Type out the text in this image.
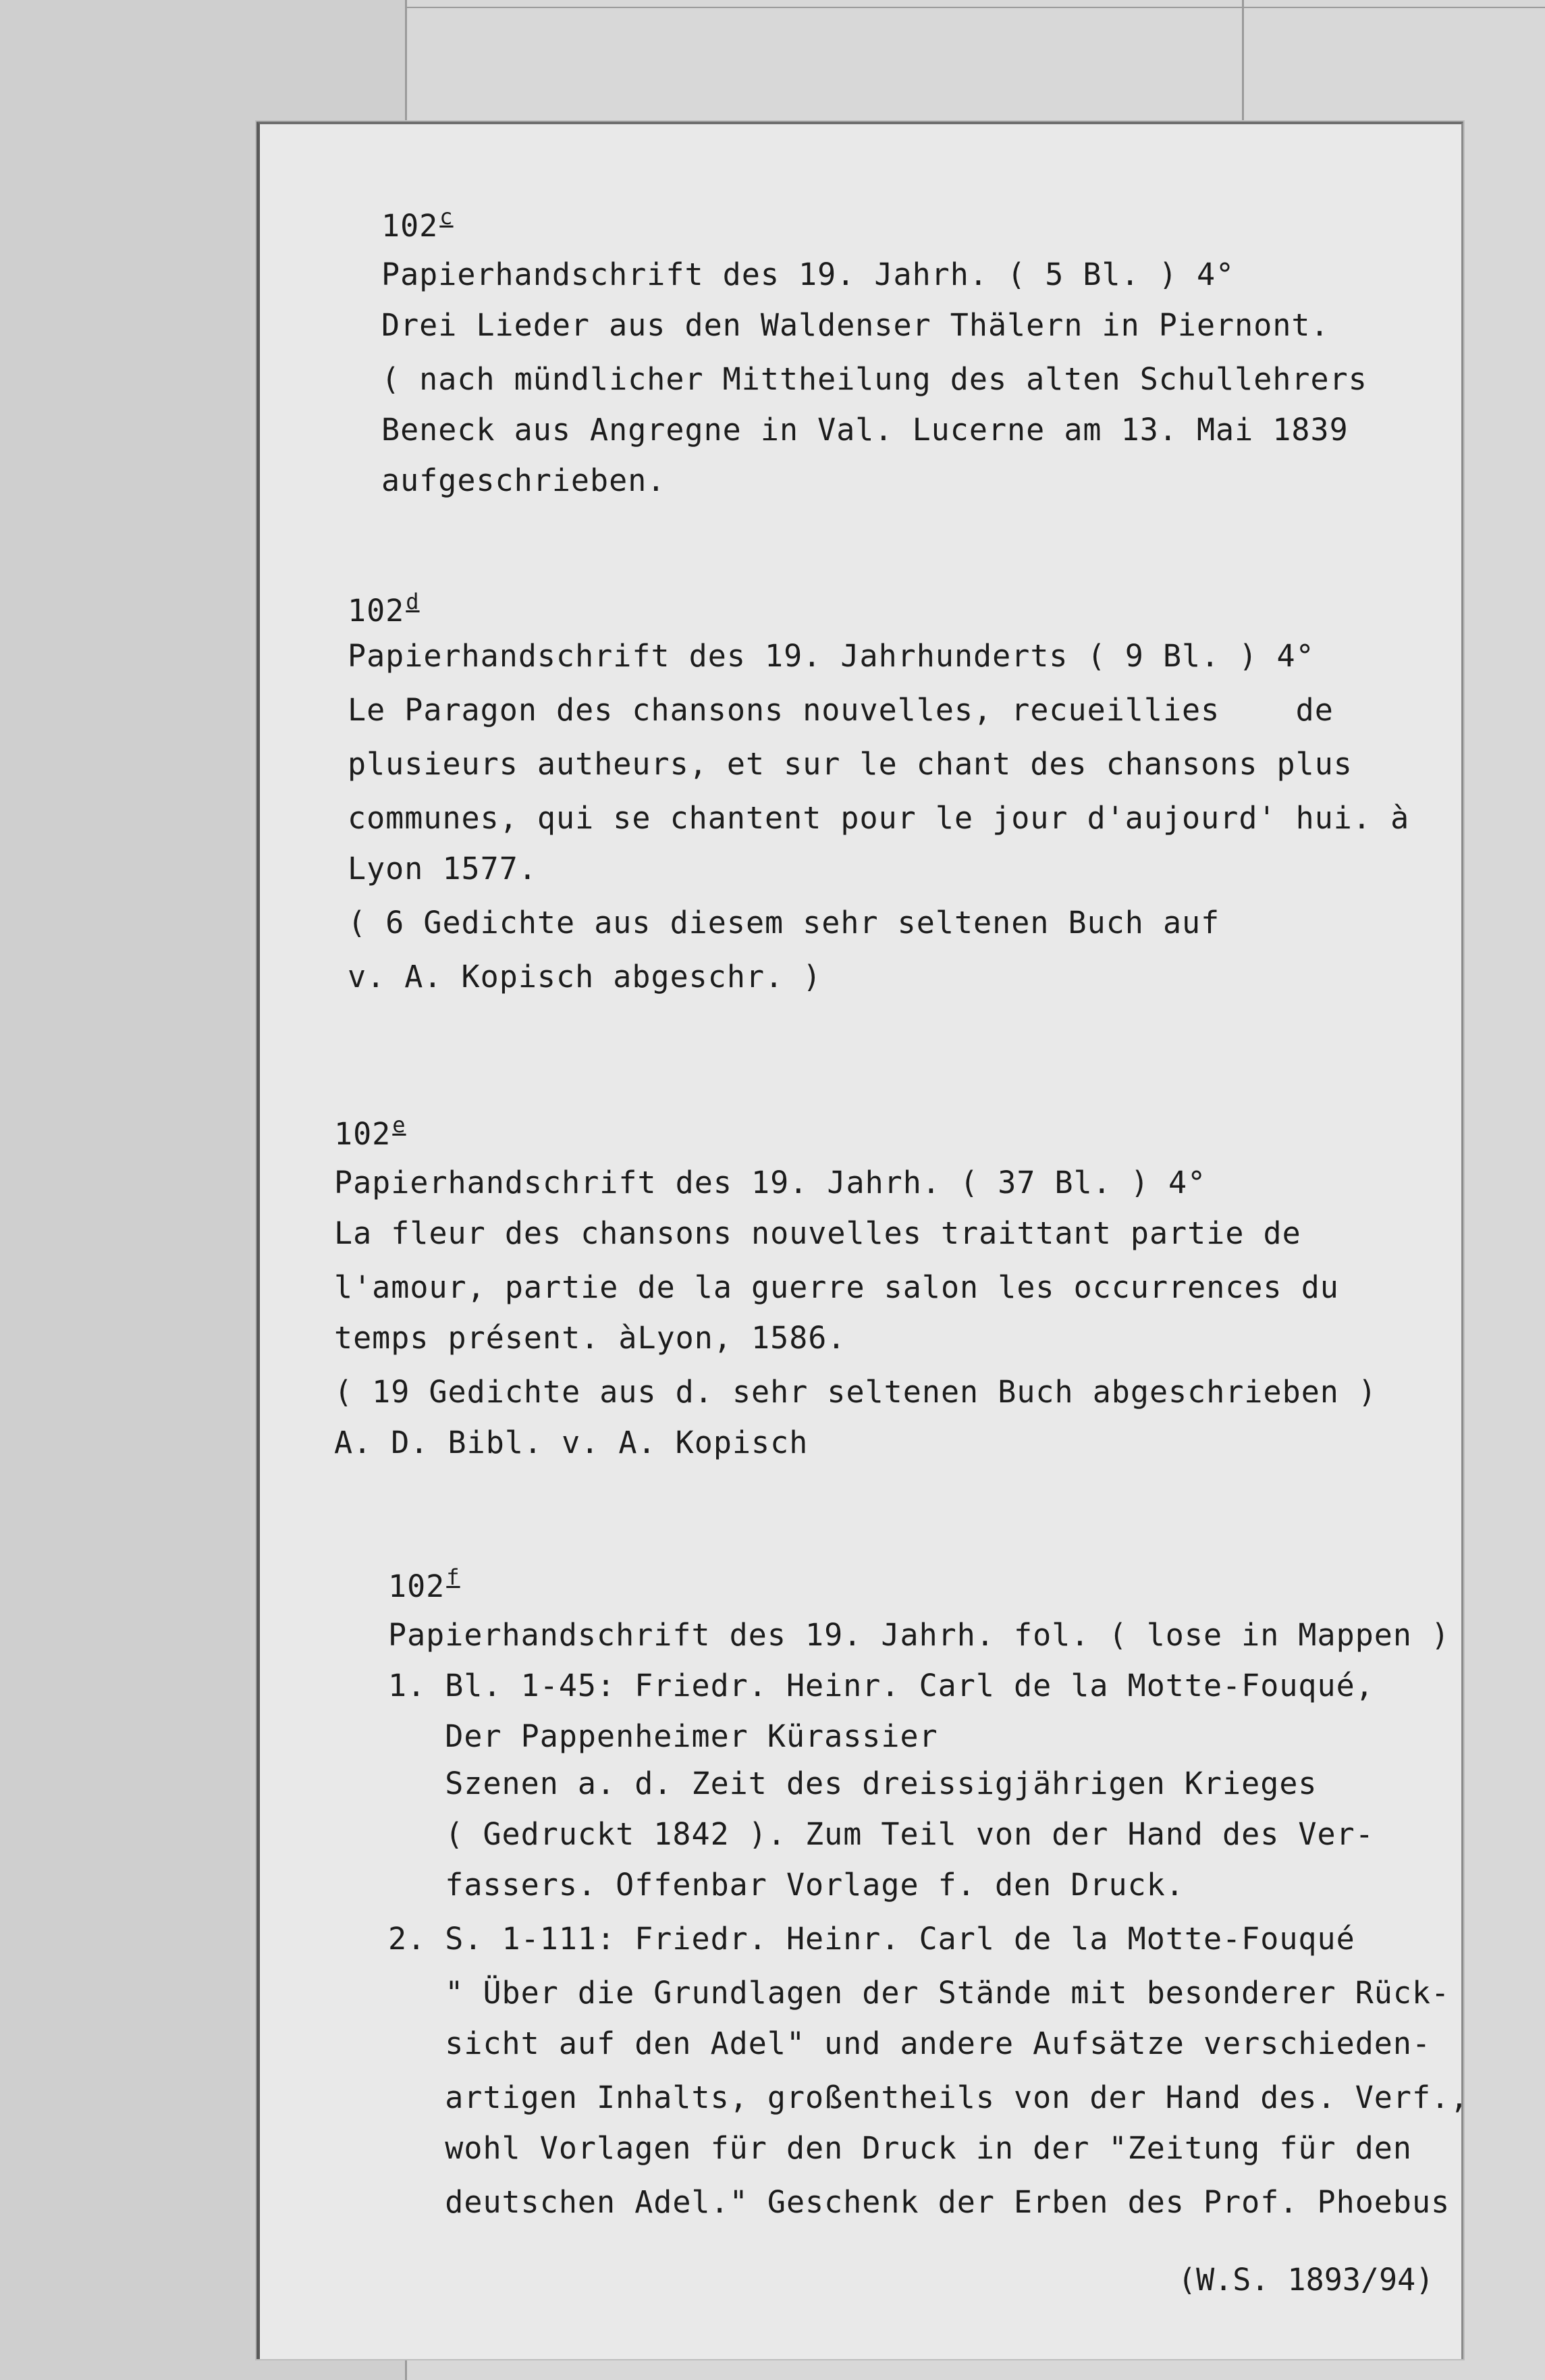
102$^c$
Papierhandschrift des 19. Jahrh. ( 5 Bl. ) 4°
Drei Lieder aus den Waldenser Thälern in Piernont.
( nach mündlicher Mittheilung des alten Schullehrers
Beneck aus Angregne in Val. Lucerne am 13. Mai 1839
aufgeschrieben.
102$^d$
Papierhandschrift des 19. Jahrhunderts ( 9 Bl. ) 4°
Le Paragon des chansons nouvelles, recueillies    de
plusieurs autheurs, et sur le chant des chansons plus
communes, qui se chantent pour le jour d'aujourd' hui. à
Lyon 1577.
( 6 Gedichte aus diesem sehr seltenen Buch auf
v. A. Kopisch abgeschr. )
102e
Papierhandschrift des 19. Jahrh. ( 37 Bl. ) 4°
La fleur des chansons nouvelles traittant partie de
l'amour, partie de la guerre salon les occurrences du
temps présent. àLyon, 1586.
( 19 Gedichte aus d. sehr seltenen Buch abgeschrieben )
A. D. Bibl. v. A. Kopisch
102$^f$
Papierhandschrift des 19. Jahrh. fol. ( lose in Mappen )
1. Bl. 1-45: Friedr. Heinr. Carl de la Motte-Fouqué,
Der Pappenheimer Kürassier
Szenen a. d. Zeit des dreissigjährigen Krieges
( Gedruckt 1842 ). Zum Teil von der Hand des Ver-
fassers. Offenbar Vorlage f. den Druck.
2. S. 1-111: Friedr. Heinr. Carl de la Motte-Fouqué
" Über die Grundlagen der Stände mit besonderer Rück-
sicht auf den Adel" und andere Aufsätze verschieden-
artigen Inhalts, großentheils von der Hand des. Verf.,
wohl Vorlagen für den Druck in der "Zeitung für den
deutschen Adel." Geschenk der Erben des Prof. Phoebus
(W.S. 1893/94)
